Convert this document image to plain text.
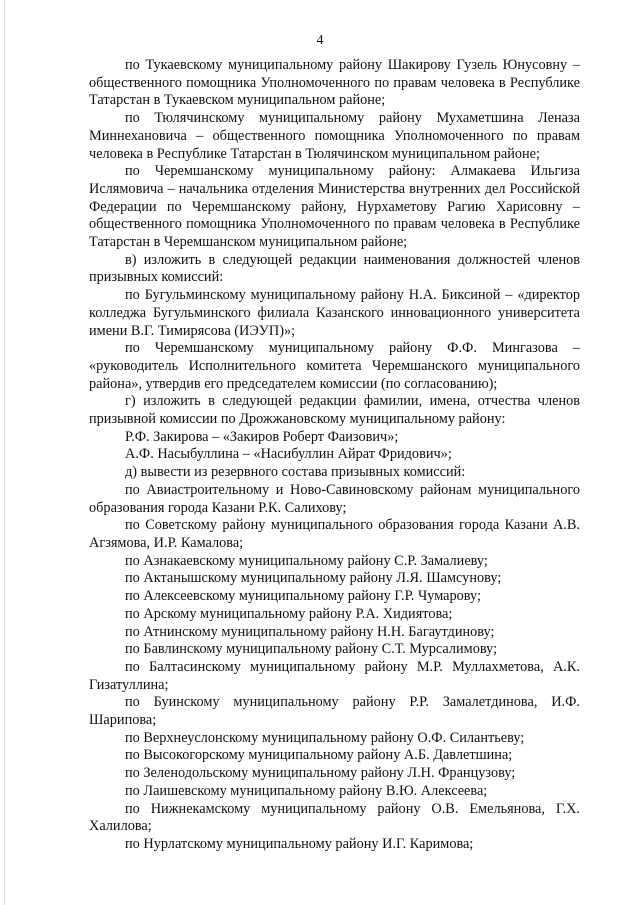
4

по Тукаевскому муниципальному району Шакирову Гузель Юнусовну – общественного помощника Уполномоченного по правам человека в Республике Татарстан в Тукаевском муниципальном районе;

по Тюлячинскому муниципальному району Мухаметшина Леназа Миннехановича – общественного помощника Уполномоченного по правам человека в Республике Татарстан в Тюлячинском муниципальном районе;

по Черемшанскому муниципальному району: Алмакаева Ильгиза Ислямовича – начальника отделения Министерства внутренних дел Российской Федерации по Черемшанскому району, Нурхаметову Рагию Харисовну – общественного помощника Уполномоченного по правам человека в Республике Татарстан в Черемшанском муниципальном районе;

в) изложить в следующей редакции наименования должностей членов призывных комиссий:

по Бугульминскому муниципальному району Н.А. Биксиной – «директор колледжа Бугульминского филиала Казанского инновационного университета имени В.Г. Тимирясова (ИЭУП)»;

по Черемшанскому муниципальному району Ф.Ф. Мингазова – «руководитель Исполнительного комитета Черемшанского муниципального района», утвердив его председателем комиссии (по согласованию);

г) изложить в следующей редакции фамилии, имена, отчества членов призывной комиссии по Дрожжановскому муниципальному району:

Р.Ф. Закирова – «Закиров Роберт Фаизович»;

А.Ф. Насыбуллина – «Насибуллин Айрат Фридович»;

д) вывести из резервного состава призывных комиссий:

по Авиастроительному и Ново-Савиновскому районам муниципального образования города Казани Р.К. Салихову;

по Советскому району муниципального образования города Казани А.В. Агзямова, И.Р. Камалова;

по Азнакаевскому муниципальному району С.Р. Замалиеву;

по Актанышскому муниципальному району Л.Я. Шамсунову;

по Алексеевскому муниципальному району Г.Р. Чумарову;

по Арскому муниципальному району Р.А. Хидиятова;

по Атнинскому муниципальному району Н.Н. Багаутдинову;

по Бавлинскому муниципальному району С.Т. Мурсалимову;

по Балтасинскому муниципальному району М.Р. Муллахметова, А.К. Гизатуллина;

по Буинскому муниципальному району Р.Р. Замалетдинова, И.Ф. Шарипова;

по Верхнеуслонскому муниципальному району О.Ф. Силантьеву;

по Высокогорскому муниципальному району А.Б. Давлетшина;

по Зеленодольскому муниципальному району Л.Н. Французову;

по Лаишевскому муниципальному району В.Ю. Алексеева;

по Нижнекамскому муниципальному району О.В. Емельянова, Г.Х. Халилова;

по Нурлатскому муниципальному району И.Г. Каримова;
